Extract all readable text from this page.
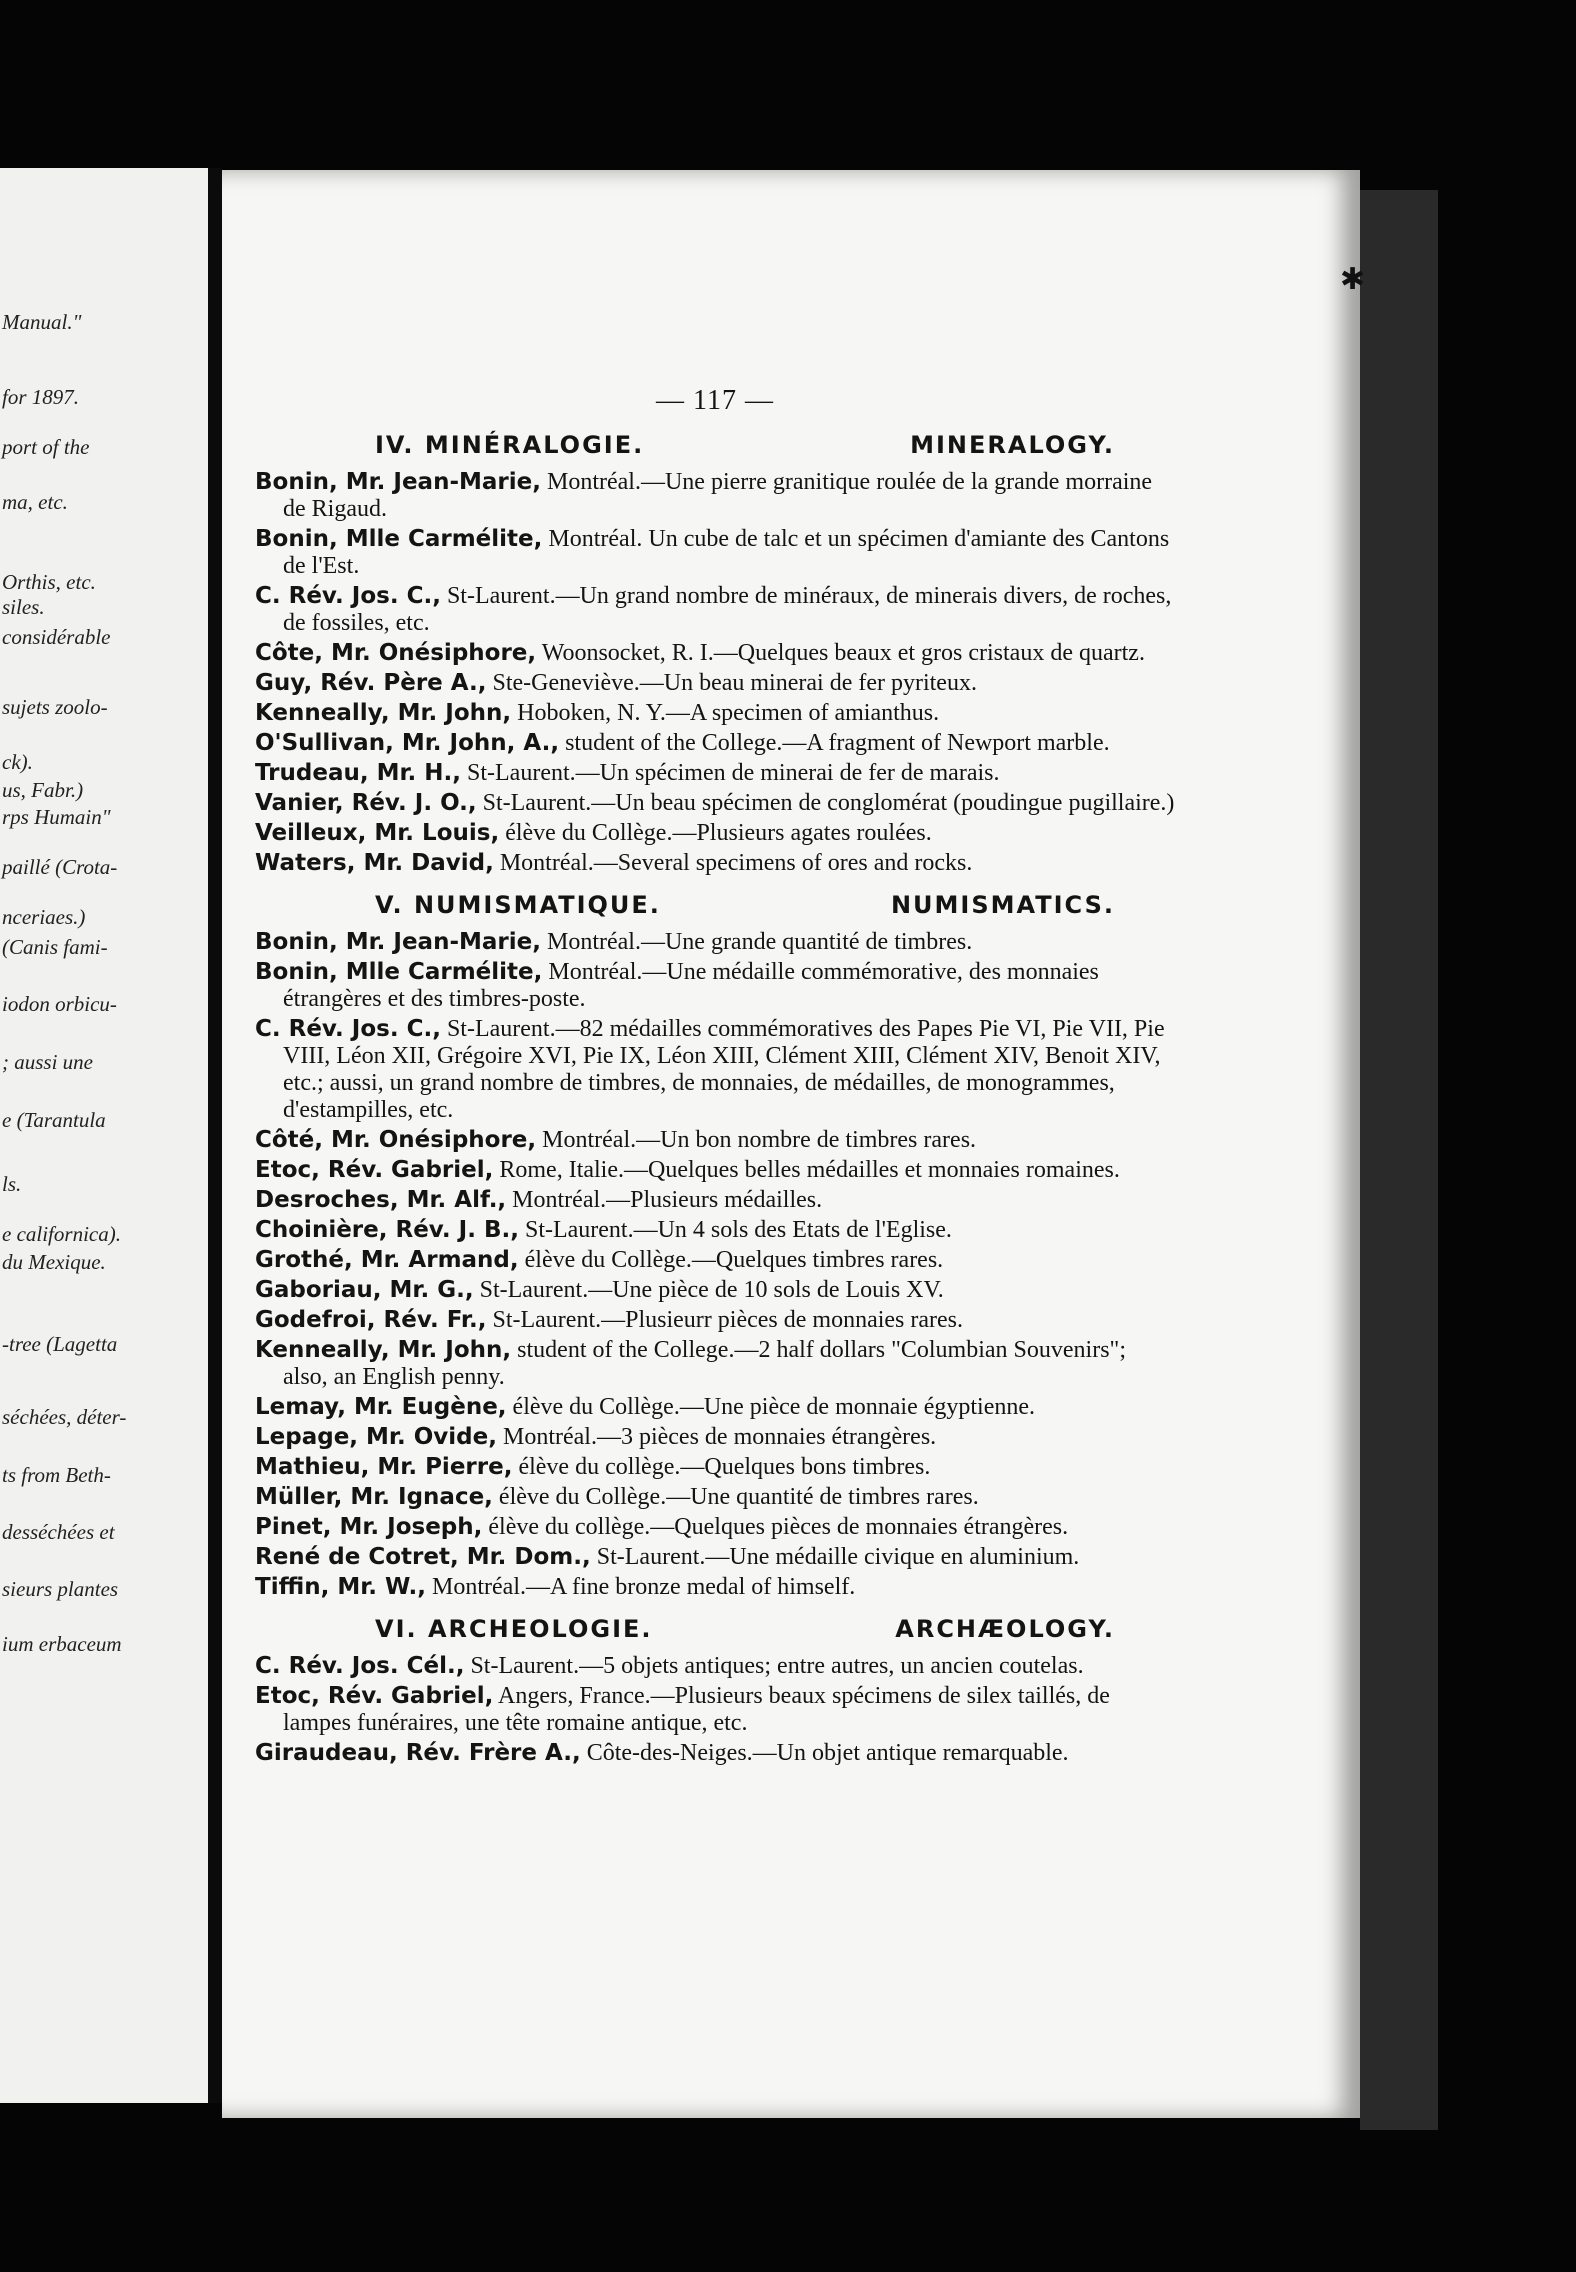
Manual."
for 1897.
port of the
ma, etc.
Orthis, etc.
siles.
considérable
sujets zoolo-
ck).
us, Fabr.)
rps Humain"
paillé (Crota-
nceriaes.)
(Canis fami-
iodon orbicu-
; aussi une
e (Tarantula
ls.
e californica).
du Mexique.
-tree (Lagetta
séchées, déter-
ts from Beth-
desséchées et
sieurs plantes
ium erbaceum
✱
— 117 —
IV. MINÉRALOGIE.	MINERALOGY.
Bonin, Mr. Jean-Marie, Montréal.—Une pierre granitique roulée de la grande morraine de Rigaud.
Bonin, Mlle Carmélite, Montréal. Un cube de talc et un spécimen d'amiante des Cantons de l'Est.
C. Rév. Jos. C., St-Laurent.—Un grand nombre de minéraux, de minerais divers, de roches, de fossiles, etc.
Côte, Mr. Onésiphore, Woonsocket, R. I.—Quelques beaux et gros cristaux de quartz.
Guy, Rév. Père A., Ste-Geneviève.—Un beau minerai de fer pyriteux.
Kenneally, Mr. John, Hoboken, N. Y.—A specimen of amianthus.
O'Sullivan, Mr. John, A., student of the College.—A fragment of Newport marble.
Trudeau, Mr. H., St-Laurent.—Un spécimen de minerai de fer de marais.
Vanier, Rév. J. O., St-Laurent.—Un beau spécimen de conglomérat (poudingue pugillaire.)
Veilleux, Mr. Louis, élève du Collège.—Plusieurs agates roulées.
Waters, Mr. David, Montréal.—Several specimens of ores and rocks.
V. NUMISMATIQUE.	NUMISMATICS.
Bonin, Mr. Jean-Marie, Montréal.—Une grande quantité de timbres.
Bonin, Mlle Carmélite, Montréal.—Une médaille commémorative, des monnaies étrangères et des timbres-poste.
C. Rév. Jos. C., St-Laurent.—82 médailles commémoratives des Papes Pie VI, Pie VII, Pie VIII, Léon XII, Grégoire XVI, Pie IX, Léon XIII, Clément XIII, Clément XIV, Benoit XIV, etc.; aussi, un grand nombre de timbres, de monnaies, de médailles, de monogrammes, d'estampilles, etc.
Côté, Mr. Onésiphore, Montréal.—Un bon nombre de timbres rares.
Etoc, Rév. Gabriel, Rome, Italie.—Quelques belles médailles et monnaies romaines.
Desroches, Mr. Alf., Montréal.—Plusieurs médailles.
Choinière, Rév. J. B., St-Laurent.—Un 4 sols des Etats de l'Eglise.
Grothé, Mr. Armand, élève du Collège.—Quelques timbres rares.
Gaboriau, Mr. G., St-Laurent.—Une pièce de 10 sols de Louis XV.
Godefroi, Rév. Fr., St-Laurent.—Plusieurr pièces de monnaies rares.
Kenneally, Mr. John, student of the College.—2 half dollars "Columbian Souvenirs"; also, an English penny.
Lemay, Mr. Eugène, élève du Collège.—Une pièce de monnaie égyptienne.
Lepage, Mr. Ovide, Montréal.—3 pièces de monnaies étrangères.
Mathieu, Mr. Pierre, élève du collège.—Quelques bons timbres.
Müller, Mr. Ignace, élève du Collège.—Une quantité de timbres rares.
Pinet, Mr. Joseph, élève du collège.—Quelques pièces de monnaies étrangères.
René de Cotret, Mr. Dom., St-Laurent.—Une médaille civique en aluminium.
Tiffin, Mr. W., Montréal.—A fine bronze medal of himself.
VI. ARCHEOLOGIE.	ARCHÆOLOGY.
C. Rév. Jos. Cél., St-Laurent.—5 objets antiques; entre autres, un ancien coutelas.
Etoc, Rév. Gabriel, Angers, France.—Plusieurs beaux spécimens de silex taillés, de lampes funéraires, une tête romaine antique, etc.
Giraudeau, Rév. Frère A., Côte-des-Neiges.—Un objet antique remarquable.
